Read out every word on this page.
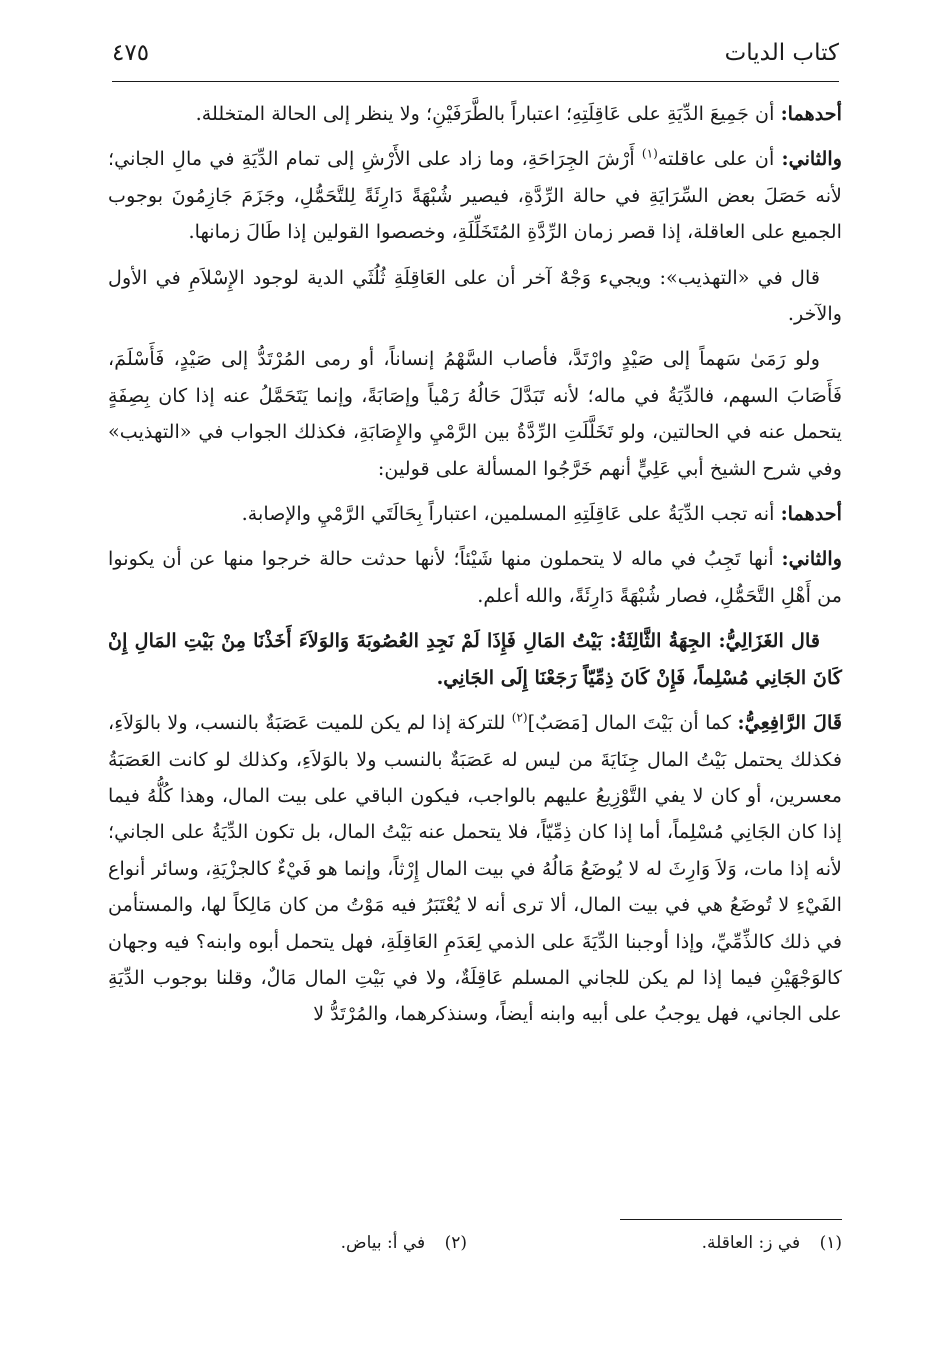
كتاب الديات
٤٧٥

أحدهما: أن جَمِيعَ الدِّيَةِ على عَاقِلَتِهِ؛ اعتباراً بالطَّرَفَيْنِ؛ ولا ينظر إلى الحالة المتخللة.

والثاني: أن على عاقلته$^{(١)}$ أَرْشَ الجِرَاحَةِ، وما زاد على الأَرْشِ إلى تمام الدِّيَةِ في مالِ الجاني؛ لأنه حَصَلَ بعض السِّرَايَةِ في حالة الرِّدَّةِ، فيصير شُبْهَةً دَارِئَةً لِلتَّحَمُّلِ، وجَزَمَ جَازِمُونَ بوجوب الجميع على العاقلة، إذا قصر زمان الرِّدَّةِ المُتَخَلِّلَةِ، وخصصوا القولين إذا طَالَ زمانها.

قال في «التهذيب»: ويجيء وَجْهٌ آخر أن على العَاقِلَةِ ثُلُثَي الدية لوجود الإِسْلاَمِ في الأول والآخر.

ولو رَمَىٰ سَهماً إلى صَيْدٍ وارْتَدَّ، فأصاب السَّهْمُ إنساناً، أو رمى المُرْتَدُّ إلى صَيْدٍ، فَأَسْلَمَ، فَأَصَابَ السهم، فالدِّيَةُ في ماله؛ لأنه تَبَدَّلَ حَالُهُ رَمْياً وإصَابَةً، وإنما يَتَحَمَّلُ عنه إذا كان بِصِفَةٍ يتحمل عنه في الحالتين، ولو تَخَلَّلَتِ الرِّدَّةُ بين الرَّمْيِ والإِصَابَةِ، فكذلك الجواب في «التهذيب» وفي شرح الشيخ أبي عَلِيٍّ أنهم خَرَّجُوا المسألة على قولين:

أحدهما: أنه تجب الدِّيَةُ على عَاقِلَتِهِ المسلمين، اعتباراً بِحَالَتَي الرَّمْيِ والإصابة.

والثاني: أنها تَجِبُ في ماله لا يتحملون منها شَيْئاً؛ لأنها حدثت حالة خرجوا منها عن أن يكونوا من أَهْلِ التَّحَمُّلِ، فصار شُبْهَةً دَارِئَةً، والله أعلم.

قال الغَزَالِيُّ: الجِهَةُ الثَّالِثَةُ: بَيْتُ المَالِ فَإِذَا لَمْ نَجِدِ العُصُوبَةَ وَالوَلاَءَ أَخَذْنَا مِنْ بَيْتِ المَالِ إِنْ كَانَ الجَانِي مُسْلِماً، فَإِنْ كَانَ ذِمِّيّاً رَجَعْنَا إِلَى الجَانِي.

قَالَ الرَّافِعِيُّ: كما أن بَيْتَ المال [مَصَبٌ]$^{(٢)}$ للتركة إذا لم يكن للميت عَصَبَةٌ بالنسب، ولا بالوَلاَءِ، فكذلك يحتمل بَيْتُ المال جِنَايَةَ من ليس له عَصَبَةٌ بالنسب ولا بالوَلاَءِ، وكذلك لو كانت العَصَبَةُ معسرين، أو كان لا يفي التَّوْزِيعُ عليهم بالواجب، فيكون الباقي على بيت المال، وهذا كُلُّهُ فيما إذا كان الجَانِي مُسْلِماً، أما إذا كان ذِمِّيّاً، فلا يتحمل عنه بَيْتُ المال، بل تكون الدِّيَةُ على الجاني؛ لأنه إذا مات، وَلاَ وَارِثَ له لا يُوضَعُ مَالُهُ في بيت المال إِرْثاً، وإنما هو فَيْءٌ كالجزْيَةِ، وسائر أنواع الفَيْءِ لا تُوضَعُ هي في بيت المال، ألا ترى أنه لا يُعْتَبَرُ فيه مَوْتُ من كان مَالِكاً لها، والمستأمن في ذلك كالذِّمِّيِّ، وإذا أوجبنا الدِّيَةَ على الذمي لِعَدَمِ العَاقِلَةِ، فهل يتحمل أبوه وابنه؟ فيه وجهان كالوَجْهَيْنِ فيما إذا لم يكن للجاني المسلم عَاقِلَةٌ، ولا في بَيْتِ المال مَالٌ، وقلنا بوجوب الدِّيَةِ على الجاني، فهل يوجبُ على أبيه وابنه أيضاً، وسنذكرهما، والمُرْتَدُّ لا

(١) في ز: العاقلة.
(٢) في أ: بياض.
